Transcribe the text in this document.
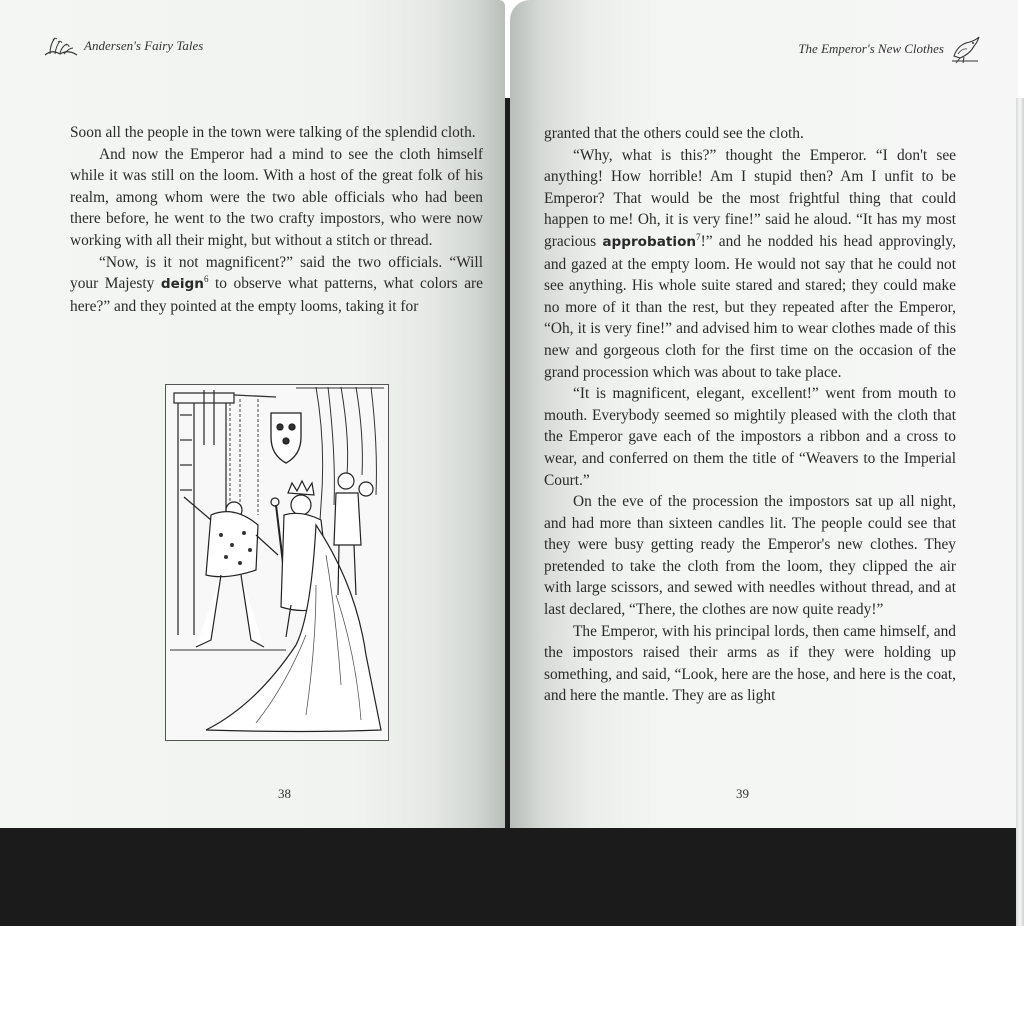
Andersen's Fairy Tales

Soon all the people in the town were talking of the splendid cloth.

And now the Emperor had a mind to see the cloth himself while it was still on the loom. With a host of the great folk of his realm, among whom were the two able officials who had been there before, he went to the two crafty impostors, who were now working with all their might, but without a stitch or thread.

“Now, is it not magnificent?” said the two officials. “Will your Majesty deign$^6$ to observe what patterns, what colors are here?” and they pointed at the empty looms, taking it for

38
The Emperor's New Clothes

granted that the others could see the cloth.

“Why, what is this?” thought the Emperor. “I don't see anything! How horrible! Am I stupid then? Am I unfit to be Emperor? That would be the most frightful thing that could happen to me! Oh, it is very fine!” said he aloud. “It has my most gracious approbation$^7$!” and he nodded his head approvingly, and gazed at the empty loom. He would not say that he could not see anything. His whole suite stared and stared; they could make no more of it than the rest, but they repeated after the Emperor, “Oh, it is very fine!” and advised him to wear clothes made of this new and gorgeous cloth for the first time on the occasion of the grand procession which was about to take place.

“It is magnificent, elegant, excellent!” went from mouth to mouth. Everybody seemed so mightily pleased with the cloth that the Emperor gave each of the impostors a ribbon and a cross to wear, and conferred on them the title of “Weavers to the Imperial Court.”

On the eve of the procession the impostors sat up all night, and had more than sixteen candles lit. The people could see that they were busy getting ready the Emperor's new clothes. They pretended to take the cloth from the loom, they clipped the air with large scissors, and sewed with needles without thread, and at last declared, “There, the clothes are now quite ready!”

The Emperor, with his principal lords, then came himself, and the impostors raised their arms as if they were holding up something, and said, “Look, here are the hose, and here is the coat, and here the mantle. They are as light

39
